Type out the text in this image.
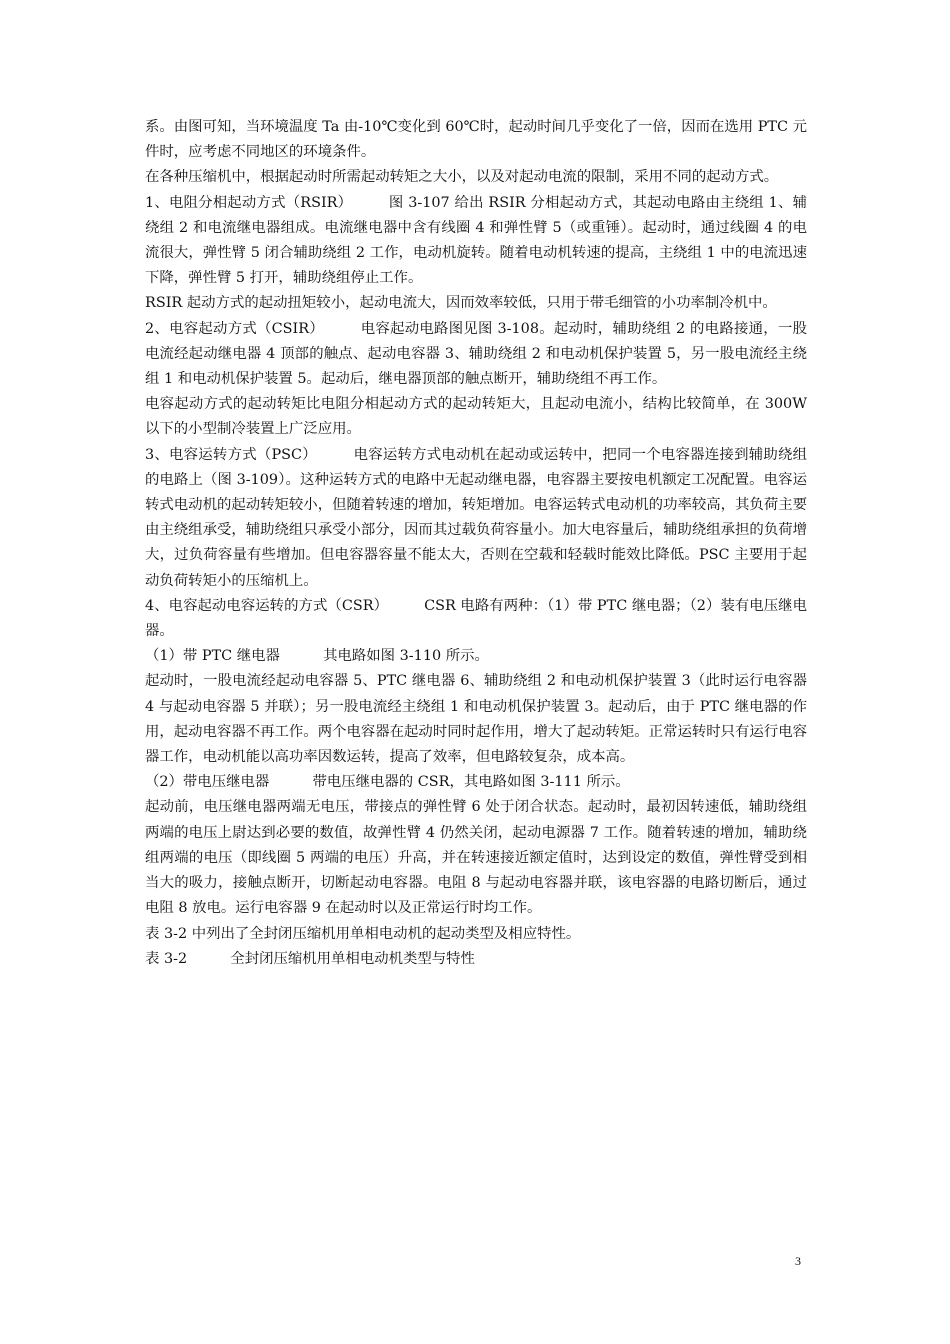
系。由图可知，当环境温度 Ta 由-10℃变化到 60℃时，起动时间几乎变化了一倍，因而在选用 PTC 元件时，应考虑不同地区的环境条件。

在各种压缩机中，根据起动时所需起动转矩之大小，以及对起动电流的限制，采用不同的起动方式。

1、电阻分相起动方式（RSIR）　　　图 3-107 给出 RSIR 分相起动方式，其起动电路由主绕组 1、辅绕组 2 和电流继电器组成。电流继电器中含有线圈 4 和弹性臂 5（或重锤）。起动时，通过线圈 4 的电流很大，弹性臂 5 闭合辅助绕组 2 工作，电动机旋转。随着电动机转速的提高，主绕组 1 中的电流迅速下降，弹性臂 5 打开，辅助绕组停止工作。

RSIR 起动方式的起动扭矩较小，起动电流大，因而效率较低，只用于带毛细管的小功率制冷机中。

2、电容起动方式（CSIR）　　　电容起动电路图见图 3-108。起动时，辅助绕组 2 的电路接通，一股电流经起动继电器 4 顶部的触点、起动电容器 3、辅助绕组 2 和电动机保护装置 5，另一股电流经主绕组 1 和电动机保护装置 5。起动后，继电器顶部的触点断开，辅助绕组不再工作。

电容起动方式的起动转矩比电阻分相起动方式的起动转矩大，且起动电流小，结构比较简单，在 300W 以下的小型制冷装置上广泛应用。

3、电容运转方式（PSC）　　　电容运转方式电动机在起动或运转中，把同一个电容器连接到辅助绕组的电路上（图 3-109）。这种运转方式的电路中无起动继电器，电容器主要按电机额定工况配置。电容运转式电动机的起动转矩较小，但随着转速的增加，转矩增加。电容运转式电动机的功率较高，其负荷主要由主绕组承受，辅助绕组只承受小部分，因而其过载负荷容量小。加大电容量后，辅助绕组承担的负荷增大，过负荷容量有些增加。但电容器容量不能太大，否则在空载和轻载时能效比降低。PSC 主要用于起动负荷转矩小的压缩机上。

4、电容起动电容运转的方式（CSR）　　　CSR 电路有两种：（1）带 PTC 继电器；（2）装有电压继电器。

（1）带 PTC 继电器　　　其电路如图 3-110 所示。

起动时，一股电流经起动电容器 5、PTC 继电器 6、辅助绕组 2 和电动机保护装置 3（此时运行电容器 4 与起动电容器 5 并联）；另一股电流经主绕组 1 和电动机保护装置 3。起动后，由于 PTC 继电器的作用，起动电容器不再工作。两个电容器在起动时同时起作用，增大了起动转矩。正常运转时只有运行电容器工作，电动机能以高功率因数运转，提高了效率，但电路较复杂，成本高。

（2）带电压继电器　　　带电压继电器的 CSR，其电路如图 3-111 所示。

起动前，电压继电器两端无电压，带接点的弹性臂 6 处于闭合状态。起动时，最初因转速低，辅助绕组两端的电压上尉达到必要的数值，故弹性臂 4 仍然关闭，起动电源器 7 工作。随着转速的增加，辅助绕组两端的电压（即线圈 5 两端的电压）升高，并在转速接近额定值时，达到设定的数值，弹性臂受到相当大的吸力，接触点断开，切断起动电容器。电阻 8 与起动电容器并联，该电容器的电路切断后，通过电阻 8 放电。运行电容器 9 在起动时以及正常运行时均工作。

表 3-2 中列出了全封闭压缩机用单相电动机的起动类型及相应特性。

表 3-2　　　全封闭压缩机用单相电动机类型与特性

3
